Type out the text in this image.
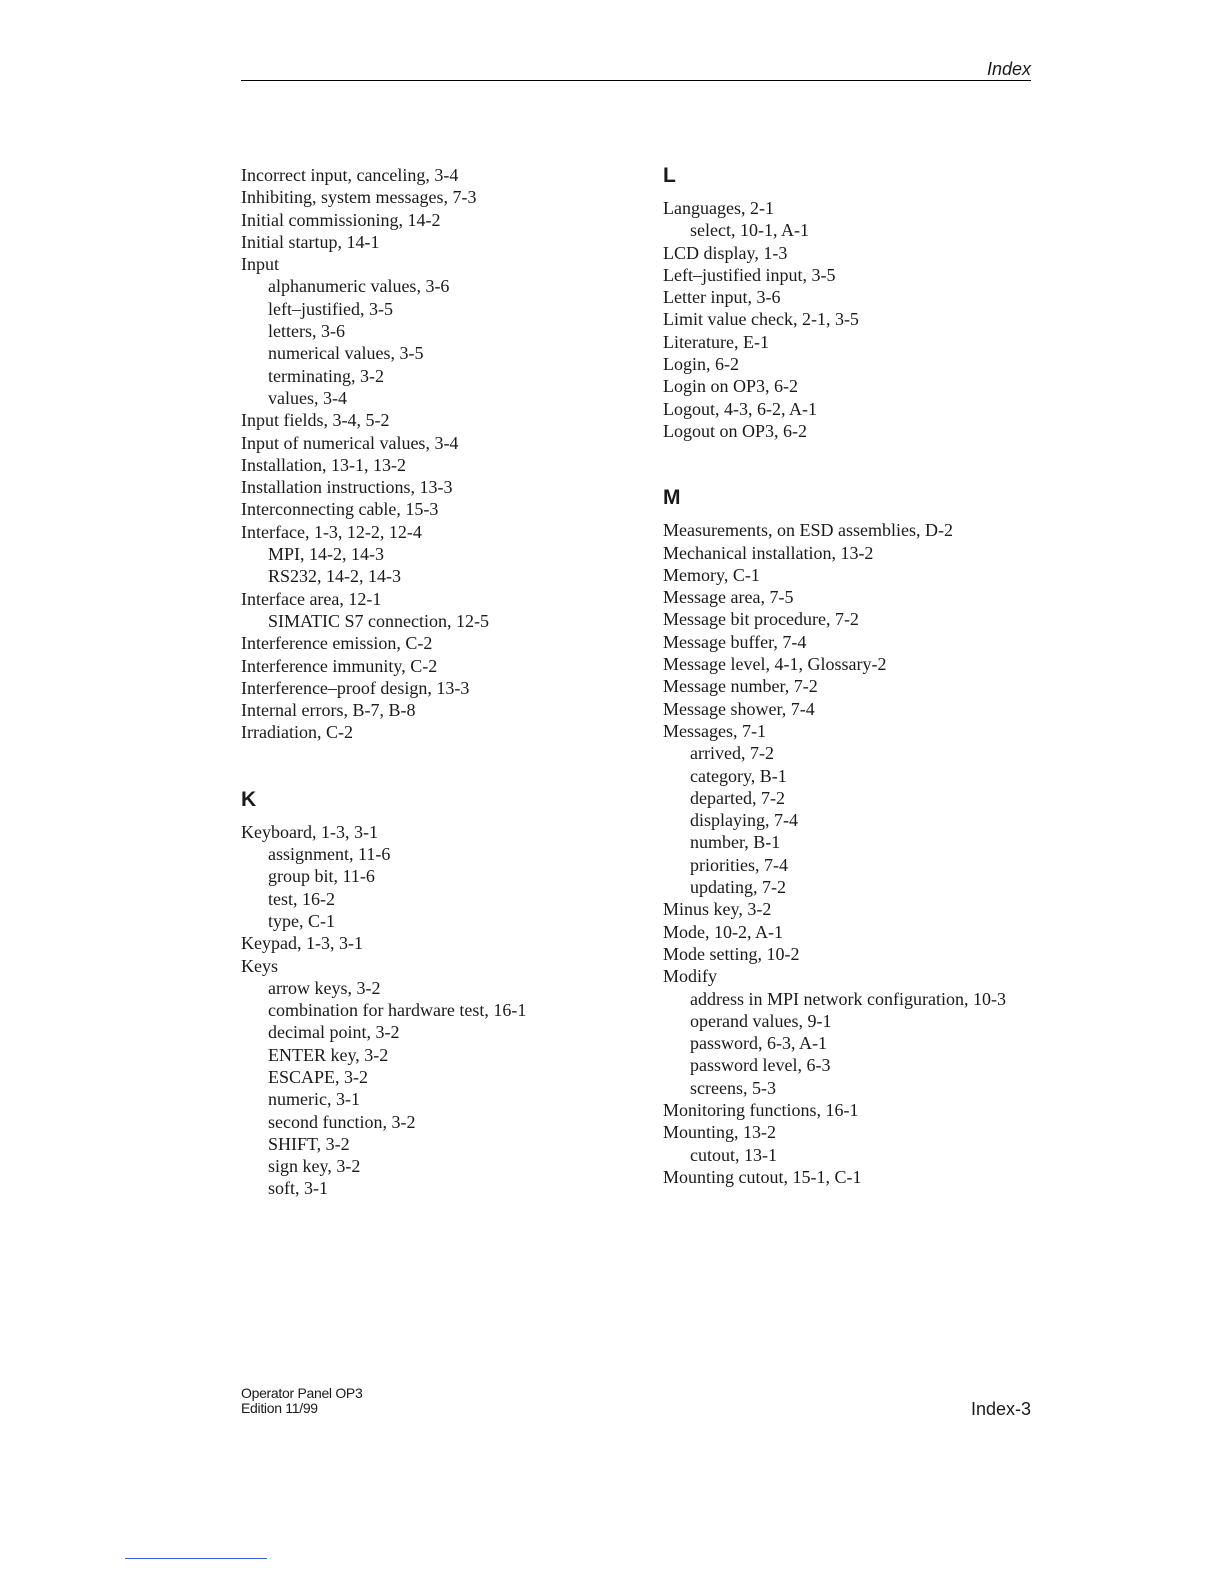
Index
Incorrect input, canceling, 3-4
Inhibiting, system messages, 7-3
Initial commissioning, 14-2
Initial startup, 14-1
Input
alphanumeric values, 3-6
left–justified, 3-5
letters, 3-6
numerical values, 3-5
terminating, 3-2
values, 3-4
Input fields, 3-4, 5-2
Input of numerical values, 3-4
Installation, 13-1, 13-2
Installation instructions, 13-3
Interconnecting cable, 15-3
Interface, 1-3, 12-2, 12-4
MPI, 14-2, 14-3
RS232, 14-2, 14-3
Interface area, 12-1
SIMATIC S7 connection, 12-5
Interference emission, C-2
Interference immunity, C-2
Interference–proof design, 13-3
Internal errors, B-7, B-8
Irradiation, C-2
K
Keyboard, 1-3, 3-1
assignment, 11-6
group bit, 11-6
test, 16-2
type, C-1
Keypad, 1-3, 3-1
Keys
arrow keys, 3-2
combination for hardware test, 16-1
decimal point, 3-2
ENTER key, 3-2
ESCAPE, 3-2
numeric, 3-1
second function, 3-2
SHIFT, 3-2
sign key, 3-2
soft, 3-1
L
Languages, 2-1
select, 10-1, A-1
LCD display, 1-3
Left–justified input, 3-5
Letter input, 3-6
Limit value check, 2-1, 3-5
Literature, E-1
Login, 6-2
Login on OP3, 6-2
Logout, 4-3, 6-2, A-1
Logout on OP3, 6-2
M
Measurements, on ESD assemblies, D-2
Mechanical installation, 13-2
Memory, C-1
Message area, 7-5
Message bit procedure, 7-2
Message buffer, 7-4
Message level, 4-1, Glossary-2
Message number, 7-2
Message shower, 7-4
Messages, 7-1
arrived, 7-2
category, B-1
departed, 7-2
displaying, 7-4
number, B-1
priorities, 7-4
updating, 7-2
Minus key, 3-2
Mode, 10-2, A-1
Mode setting, 10-2
Modify
address in MPI network configuration, 10-3
operand values, 9-1
password, 6-3, A-1
password level, 6-3
screens, 5-3
Monitoring functions, 16-1
Mounting, 13-2
cutout, 13-1
Mounting cutout, 15-1, C-1
Operator Panel OP3
Edition 11/99	Index-3
